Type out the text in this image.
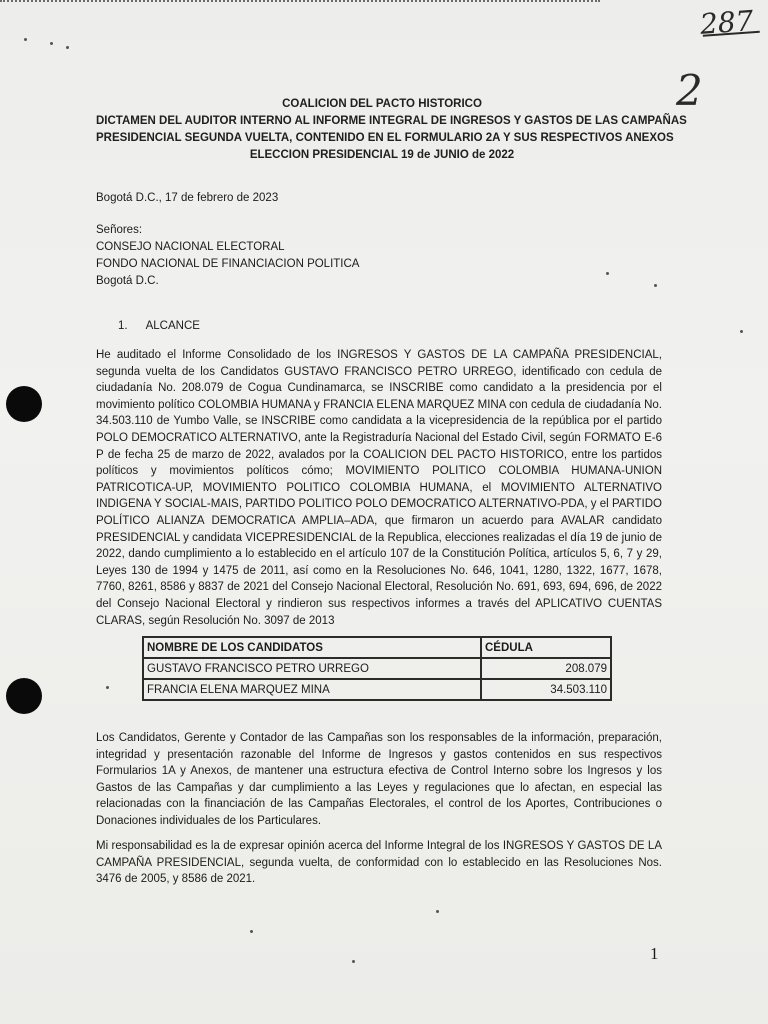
287
2
COALICION DEL PACTO HISTORICO
DICTAMEN DEL AUDITOR INTERNO AL INFORME INTEGRAL DE INGRESOS Y GASTOS DE LAS CAMPAÑAS
PRESIDENCIAL SEGUNDA VUELTA, CONTENIDO EN EL FORMULARIO 2A Y SUS RESPECTIVOS ANEXOS
ELECCION PRESIDENCIAL 19 de JUNIO de 2022
Bogotá D.C., 17 de febrero de 2023
Señores:
CONSEJO NACIONAL ELECTORAL
FONDO NACIONAL DE FINANCIACION POLITICA
Bogotá D.C.
1. ALCANCE
He auditado el Informe Consolidado de los INGRESOS Y GASTOS DE LA CAMPAÑA PRESIDENCIAL, segunda vuelta de los Candidatos GUSTAVO FRANCISCO PETRO URREGO, identificado con cedula de ciudadanía No. 208.079 de Cogua Cundinamarca, se INSCRIBE como candidato a la presidencia por el movimiento político COLOMBIA HUMANA y FRANCIA ELENA MARQUEZ MINA con cedula de ciudadanía No. 34.503.110 de Yumbo Valle, se INSCRIBE como candidata a la vicepresidencia de la república por el partido POLO DEMOCRATICO ALTERNATIVO, ante la Registraduría Nacional del Estado Civil, según FORMATO E-6 P de fecha 25 de marzo de 2022, avalados por la COALICION DEL PACTO HISTORICO, entre los partidos políticos y movimientos políticos cómo; MOVIMIENTO POLITICO COLOMBIA HUMANA-UNION PATRICOTICA-UP, MOVIMIENTO POLITICO COLOMBIA HUMANA, el MOVIMIENTO ALTERNATIVO INDIGENA Y SOCIAL-MAIS, PARTIDO POLITICO POLO DEMOCRATICO ALTERNATIVO-PDA, y el PARTIDO POLÍTICO ALIANZA DEMOCRATICA AMPLIA–ADA, que firmaron un acuerdo para AVALAR candidato PRESIDENCIAL y candidata VICEPRESIDENCIAL de la Republica, elecciones realizadas el día 19 de junio de 2022, dando cumplimiento a lo establecido en el artículo 107 de la Constitución Política, artículos 5, 6, 7 y 29, Leyes 130 de 1994 y 1475 de 2011, así como en la Resoluciones No. 646, 1041, 1280, 1322, 1677, 1678, 7760, 8261, 8586 y 8837 de 2021 del Consejo Nacional Electoral, Resolución No. 691, 693, 694, 696, de 2022 del Consejo Nacional Electoral y rindieron sus respectivos informes a través del APLICATIVO CUENTAS CLARAS, según Resolución No. 3097 de 2013
NOMBRE DE LOS CANDIDATOS	CÉDULA
GUSTAVO FRANCISCO PETRO URREGO	208.079
FRANCIA ELENA MARQUEZ MINA	34.503.110
Los Candidatos, Gerente y Contador de las Campañas son los responsables de la información, preparación, integridad y presentación razonable del Informe de Ingresos y gastos contenidos en sus respectivos Formularios 1A y Anexos, de mantener una estructura efectiva de Control Interno sobre los Ingresos y los Gastos de las Campañas y dar cumplimiento a las Leyes y regulaciones que lo afectan, en especial las relacionadas con la financiación de las Campañas Electorales, el control de los Aportes, Contribuciones o Donaciones individuales de los Particulares.
Mi responsabilidad es la de expresar opinión acerca del Informe Integral de los INGRESOS Y GASTOS DE LA CAMPAÑA PRESIDENCIAL, segunda vuelta, de conformidad con lo establecido en las Resoluciones Nos. 3476 de 2005, y 8586 de 2021.
1
